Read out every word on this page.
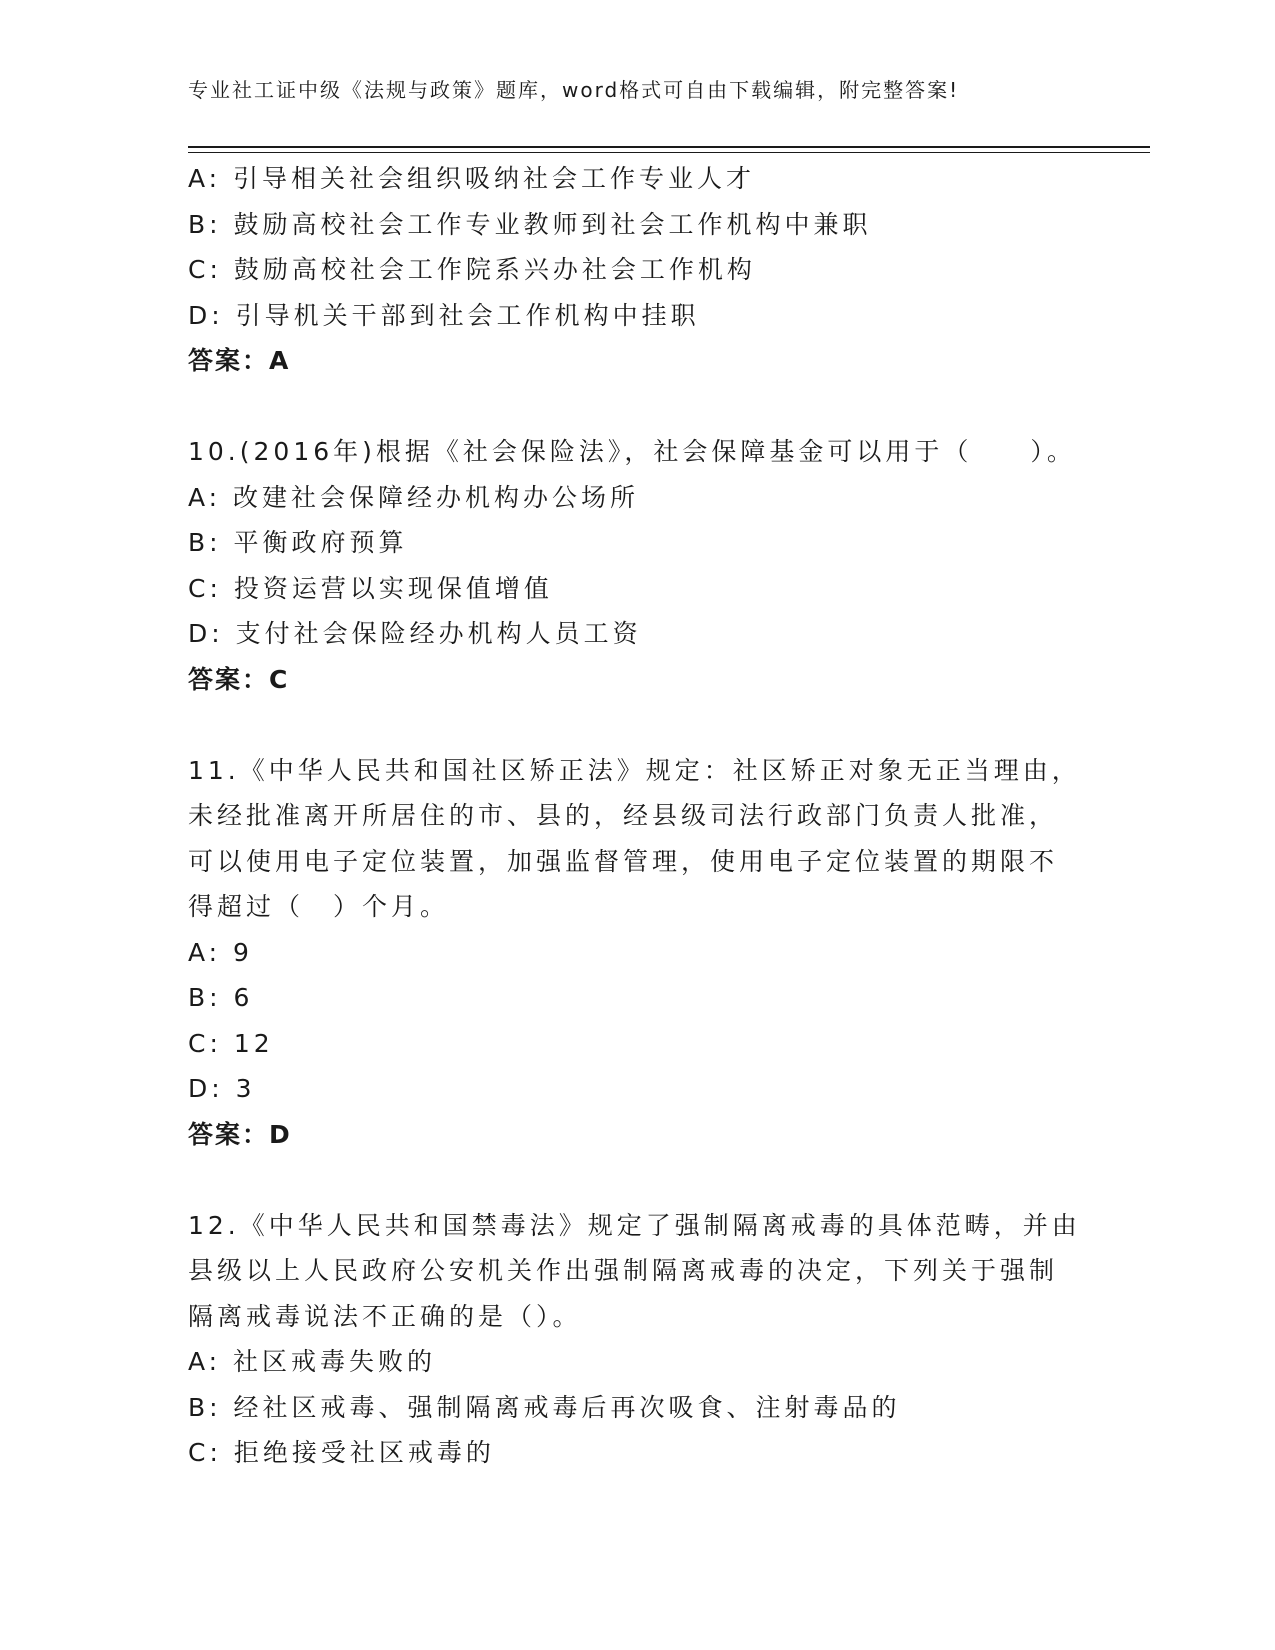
专业社工证中级《法规与政策》题库，word格式可自由下载编辑，附完整答案!
A: 引导相关社会组织吸纳社会工作专业人才
B: 鼓励高校社会工作专业教师到社会工作机构中兼职
C: 鼓励高校社会工作院系兴办社会工作机构
D: 引导机关干部到社会工作机构中挂职
答案：A
10.(2016年)根据《社会保险法》，社会保障基金可以用于（　　）。
A: 改建社会保障经办机构办公场所
B: 平衡政府预算
C: 投资运营以实现保值增值
D: 支付社会保险经办机构人员工资
答案：C
11.《中华人民共和国社区矫正法》规定：社区矫正对象无正当理由，
未经批准离开所居住的市、县的，经县级司法行政部门负责人批准，
可以使用电子定位装置，加强监督管理，使用电子定位装置的期限不
得超过（　）个月。
A: 9
B: 6
C: 12
D: 3
答案：D
12.《中华人民共和国禁毒法》规定了强制隔离戒毒的具体范畴，并由
县级以上人民政府公安机关作出强制隔离戒毒的决定，下列关于强制
隔离戒毒说法不正确的是（）。
A: 社区戒毒失败的
B: 经社区戒毒、强制隔离戒毒后再次吸食、注射毒品的
C: 拒绝接受社区戒毒的
